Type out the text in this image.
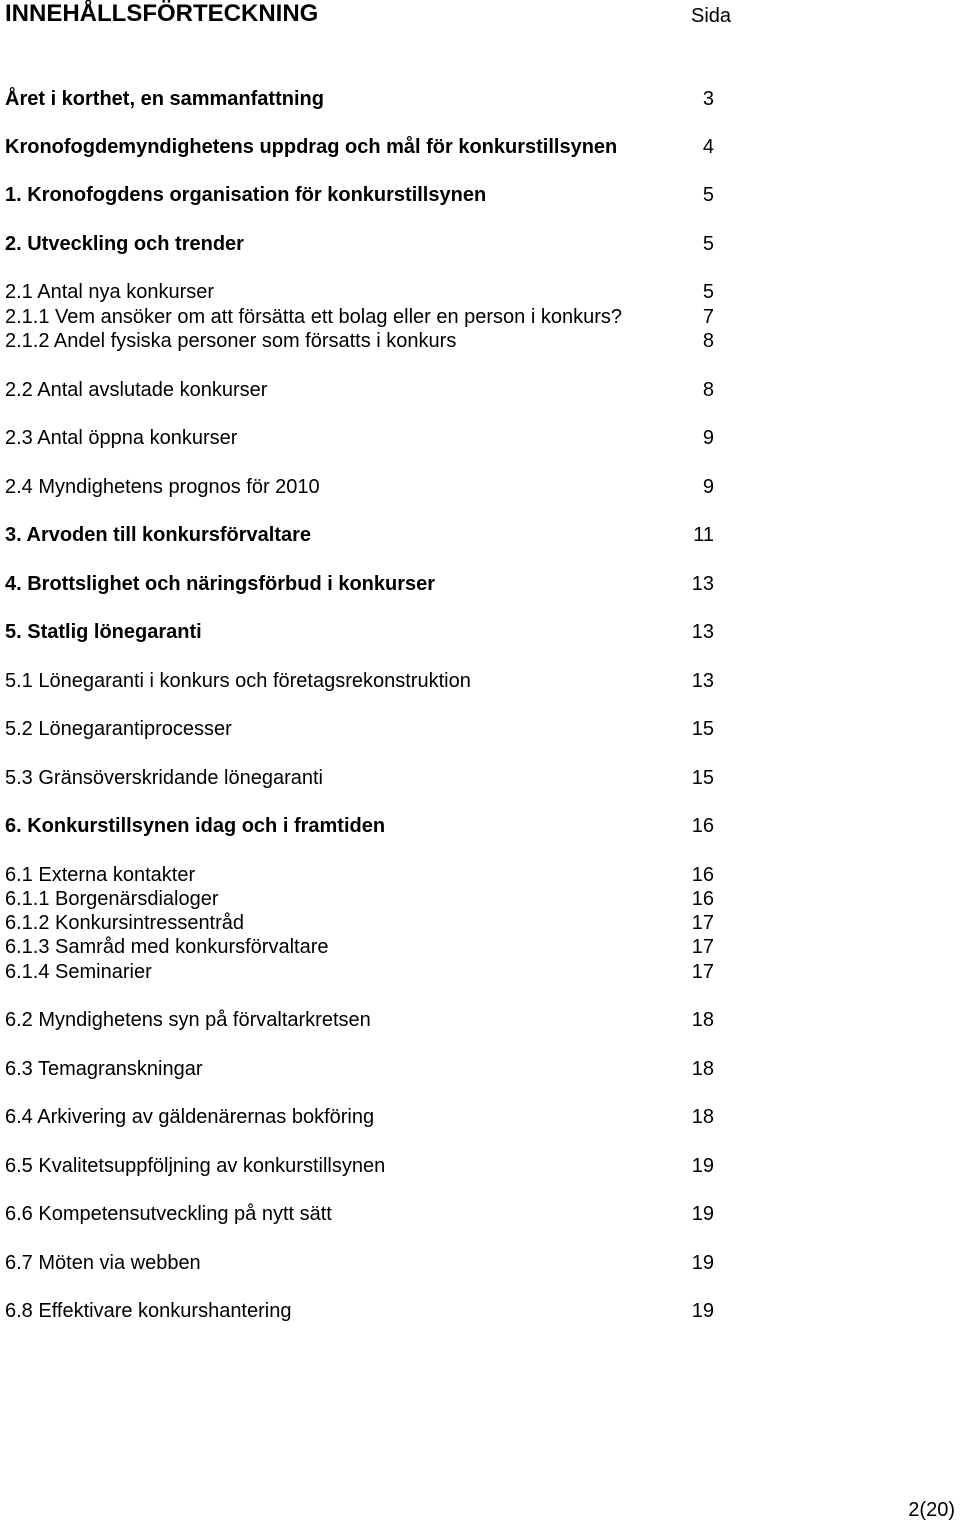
INNEHÅLLSFÖRTECKNING	Sida
Året i korthet, en sammanfattning	3
Kronofogdemyndighetens uppdrag och mål för konkurstillsynen	4
1. Kronofogdens organisation för konkurstillsynen	5
2. Utveckling och trender	5
2.1 Antal nya konkurser	5
2.1.1 Vem ansöker om att försätta ett bolag eller en person i konkurs?	7
2.1.2 Andel fysiska personer som försatts i konkurs	8
2.2 Antal avslutade konkurser	8
2.3 Antal öppna konkurser	9
2.4 Myndighetens prognos för 2010	9
3. Arvoden till konkursförvaltare	11
4. Brottslighet och näringsförbud i konkurser	13
5. Statlig lönegaranti	13
5.1 Lönegaranti i konkurs och företagsrekonstruktion	13
5.2 Lönegarantiprocesser	15
5.3 Gränsöverskridande lönegaranti	15
6. Konkurstillsynen idag och i framtiden	16
6.1 Externa kontakter	16
6.1.1 Borgenärsdialoger	16
6.1.2 Konkursintressentråd	17
6.1.3 Samråd med konkursförvaltare	17
6.1.4 Seminarier	17
6.2 Myndighetens syn på förvaltarkretsen	18
6.3 Temagranskningar	18
6.4 Arkivering av gäldenärernas bokföring	18
6.5 Kvalitetsuppföljning av konkurstillsynen	19
6.6 Kompetensutveckling på nytt sätt	19
6.7 Möten via webben	19
6.8 Effektivare konkurshantering	19
2(20)
